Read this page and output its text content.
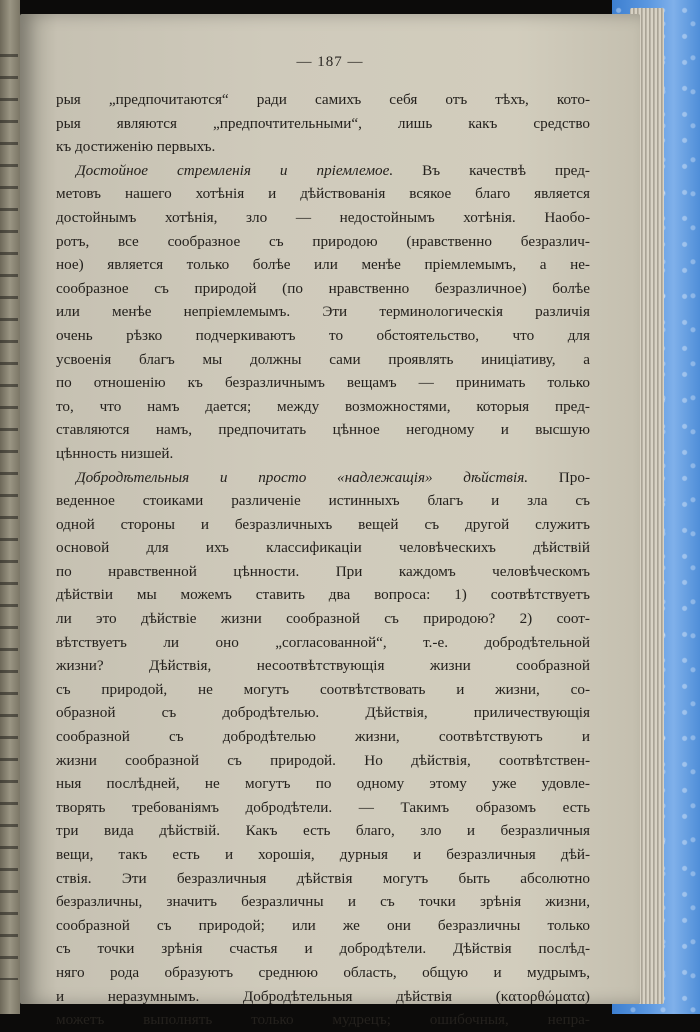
— 187 —
рыя „предпочитаются“ ради самихъ себя отъ тѣхъ, кото-
рыя являются „предпочтительными“, лишь какъ средство
къ достиженію первыхъ.
Достойное стремленія и пріемлемое. Въ качествѣ пред-
метовъ нашего хотѣнія и дѣйствованія всякое благо является
достойнымъ хотѣнія, зло — недостойнымъ хотѣнія. Наобо-
ротъ, все сообразное съ природою (нравственно безразлич-
ное) является только болѣе или менѣе пріемлемымъ, а не-
сообразное съ природой (по нравственно безразличное) болѣе
или менѣе непріемлемымъ. Эти терминологическія различія
очень рѣзко подчеркиваютъ то обстоятельство, что для
усвоенія благъ мы должны сами проявлять иниціативу, а
по отношенію къ безразличнымъ вещамъ — принимать только
то, что намъ дается; между возможностями, которыя пред-
ставляются намъ, предпочитать цѣнное негодному и высшую
цѣнность низшей.
Добродѣтельныя и просто «надлежащія» дѣйствія. Про-
веденное стоиками различеніе истинныхъ благъ и зла съ
одной стороны и безразличныхъ вещей съ другой служитъ
основой для ихъ классификаціи человѣческихъ дѣйствій
по нравственной цѣнности. При каждомъ человѣческомъ
дѣйствіи мы можемъ ставить два вопроса: 1) соотвѣтствуетъ
ли это дѣйствіе жизни сообразной съ природою? 2) соот-
вѣтствуетъ ли оно „согласованной“, т.-е. добродѣтельной
жизни? Дѣйствія, несоотвѣтствующія жизни сообразной
съ природой, не могутъ соотвѣтствовать и жизни, со-
образной съ добродѣтелью. Дѣйствія, приличествующія
сообразной съ добродѣтелью жизни, соотвѣтствуютъ и
жизни сообразной съ природой. Но дѣйствія, соотвѣтствен-
ныя послѣдней, не могутъ по одному этому уже удовле-
творять требованіямъ добродѣтели. — Такимъ образомъ есть
три вида дѣйствій. Какъ есть благо, зло и безразличныя
вещи, такъ есть и хорошія, дурныя и безразличныя дѣй-
ствія. Эти безразличныя дѣйствія могутъ быть абсолютно
безразличны, значитъ безразличны и съ точки зрѣнія жизни,
сообразной съ природой; или же они безразличны только
съ точки зрѣнія счастья и добродѣтели. Дѣйствія послѣд-
няго рода образуютъ среднюю область, общую и мудрымъ,
и неразумнымъ. Добродѣтельныя дѣйствія (κατορθώματα)
можетъ выполнять только мудрецъ; ошибочныя, непра-
